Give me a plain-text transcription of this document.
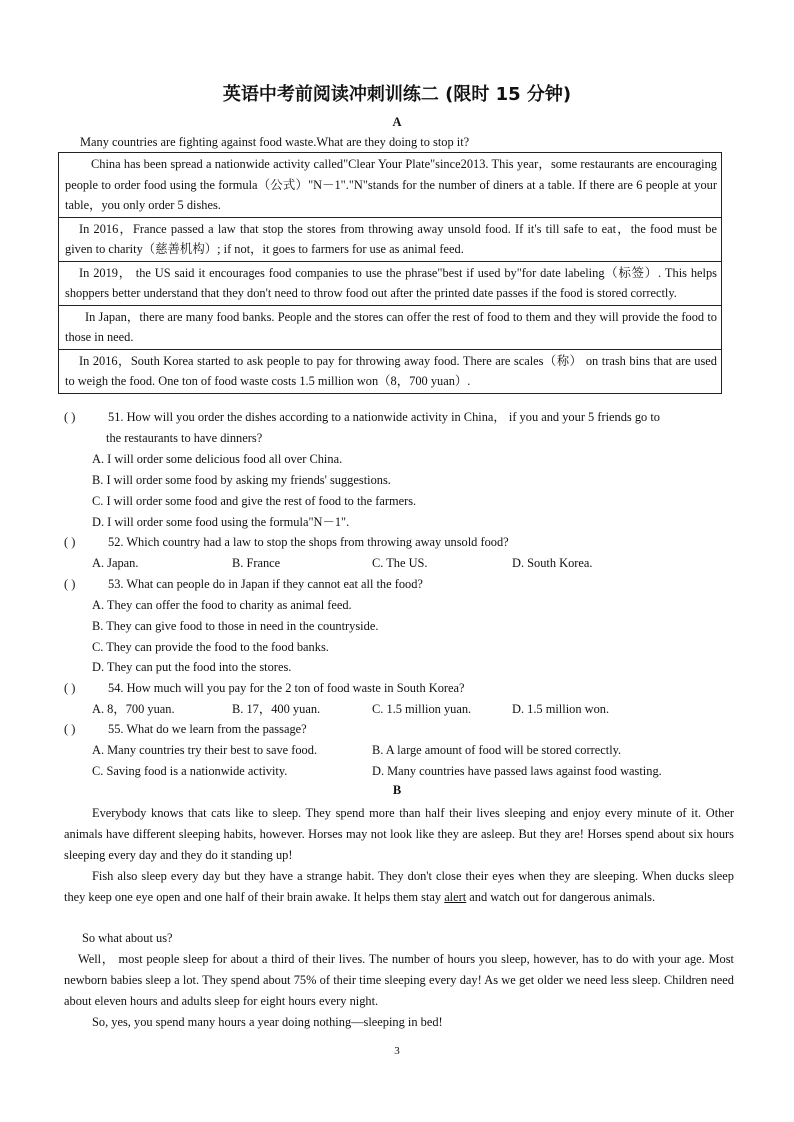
英语中考前阅读冲刺训练二 (限时 15 分钟)
A
Many countries are fighting against food waste.What are they doing to stop it?
China has been spread a nationwide activity called"Clear Your Plate"since2013. This year，some restaurants are encouraging people to order food using the formula（公式）"N－1"."N"stands for the number of diners at a table. If there are 6 people at your table，you only order 5 dishes.
In 2016，France passed a law that stop the stores from throwing away unsold food. If it's till safe to eat，the food must be given to charity（慈善机构）; if not，it goes to farmers for use as animal feed.
In 2019， the US said it encourages food companies to use the phrase"best if used by"for date labeling（标签）. This helps shoppers better understand that they don't need to throw food out after the printed date passes if the food is stored correctly.
In Japan，there are many food banks. People and the stores can offer the rest of food to them and they will provide the food to those in need.
In 2016，South Korea started to ask people to pay for throwing away food. There are scales（称） on trash bins that are used to weigh the food. One ton of food waste costs 1.5 million won（8，700 yuan）.
( )	51. How will you order the dishes according to a nationwide activity in China， if you and your 5 friends go to
the restaurants to have dinners?
A. I will order some delicious food all over China.
B. I will order some food by asking my friends' suggestions.
C. I will order some food and give the rest of food to the farmers.
D. I will order some food using the formula"N－1".
( )	52. Which country had a law to stop the shops from throwing away unsold food?
A. Japan.	B. France	C. The US.	D. South Korea.
( )	53. What can people do in Japan if they cannot eat all the food?
A. They can offer the food to charity as animal feed.
B. They can give food to those in need in the countryside.
C. They can provide the food to the food banks.
D. They can put the food into the stores.
( )	54. How much will you pay for the 2 ton of food waste in South Korea?
A. 8，700 yuan.	B. 17，400 yuan.	C. 1.5 million yuan.	D. 1.5 million won.
( )	55. What do we learn from the passage?
A. Many countries try their best to save food.	B. A large amount of food will be stored correctly.
C. Saving food is a nationwide activity.	D. Many countries have passed laws against food wasting.
B
Everybody knows that cats like to sleep. They spend more than half their lives sleeping and enjoy every minute of it. Other animals have different sleeping habits, however. Horses may not look like they are asleep. But they are! Horses spend about six hours sleeping every day and they do it standing up!
Fish also sleep every day but they have a strange habit. They don't close their eyes when they are sleeping. When ducks sleep they keep one eye open and one half of their brain awake. It helps them stay alert and watch out for dangerous animals.
So what about us?
Well， most people sleep for about a third of their lives. The number of hours you sleep, however, has to do with your age. Most newborn babies sleep a lot. They spend about 75% of their time sleeping every day! As we get older we need less sleep. Children need about eleven hours and adults sleep for eight hours every night.
So, yes, you spend many hours a year doing nothing—sleeping in bed!
3
